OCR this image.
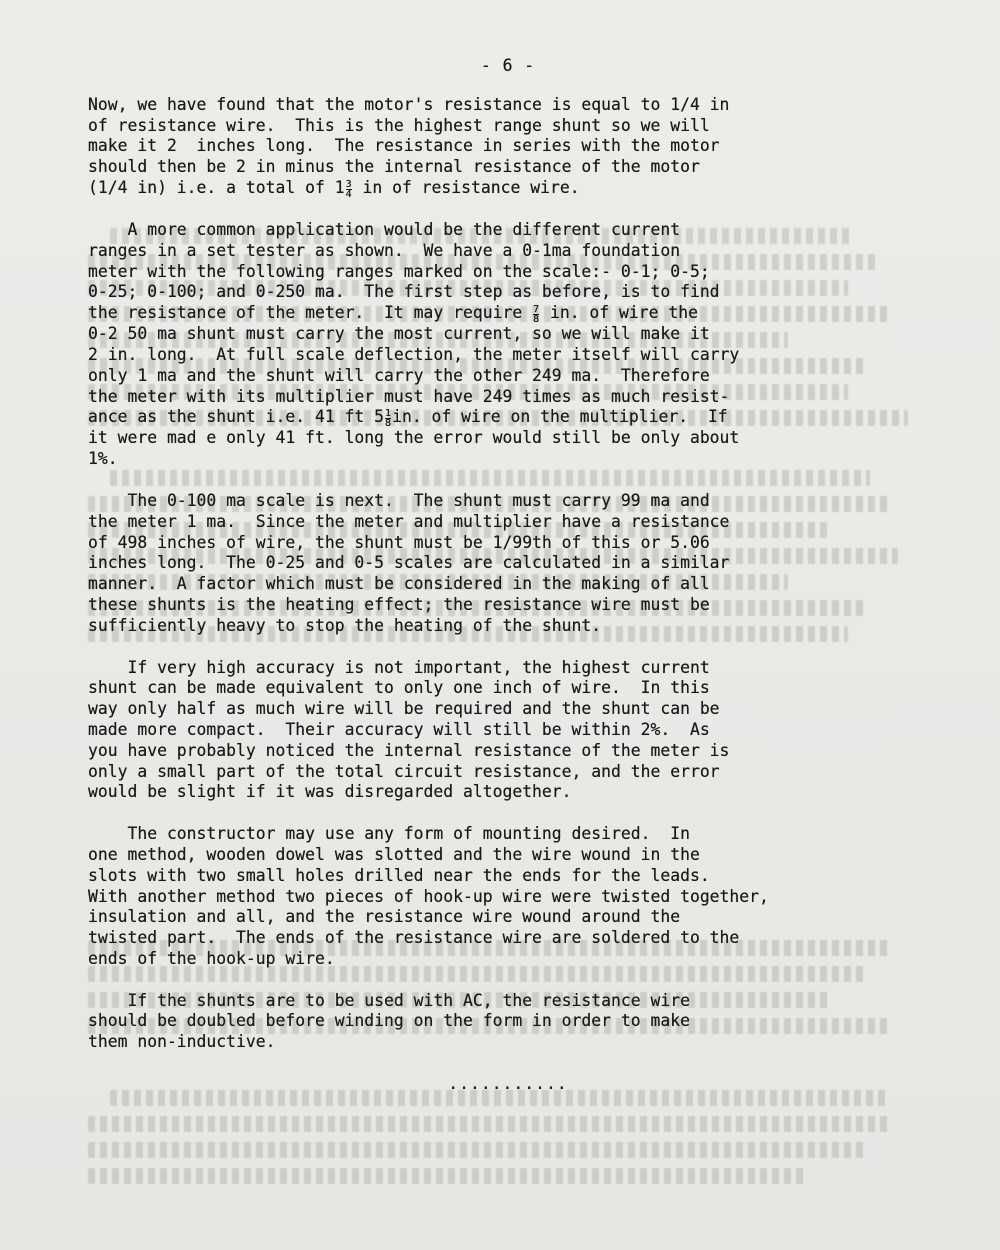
- 6 -
Now, we have found that the motor's resistance is equal to 1/4 in
of resistance wire.  This is the highest range shunt so we will
make it 2  inches long.  The resistance in series with the motor
should then be 2 in minus the internal resistance of the motor
(1/4 in) i.e. a total of $1 \frac{3}{4}$ in of resistance wire.
A more common application would be the different current
ranges in a set tester as shown.  We have a 0-1ma foundation
meter with the following ranges marked on the scale:- 0-1; 0-5;
0-25; 0-100; and 0-250 ma.  The first step as before, is to find
the resistance of the meter.  It may require $\frac{7}{8}$ in. of wire the
0-2 50 ma shunt must carry the most current, so we will make it
2 in. long.  At full scale deflection, the meter itself will carry
only 1 ma and the shunt will carry the other 249 ma.  Therefore
the meter with its multiplier must have 249 times as much resist-
ance as the shunt i.e. 41 ft $5 \frac{1}{8}$ in. of wire on the multiplier.  If
it were mad e only 41 ft. long the error would still be only about
1%.
The 0-100 ma scale is next.  The shunt must carry 99 ma and
the meter 1 ma.  Since the meter and multiplier have a resistance
of 498 inches of wire, the shunt must be 1/99th of this or 5.06
inches long.  The 0-25 and 0-5 scales are calculated in a similar
manner.  A factor which must be considered in the making of all
these shunts is the heating effect; the resistance wire must be
sufficiently heavy to stop the heating of the shunt.
If very high accuracy is not important, the highest current
shunt can be made equivalent to only one inch of wire.  In this
way only half as much wire will be required and the shunt can be
made more compact.  Their accuracy will still be within 2%.  As
you have probably noticed the internal resistance of the meter is
only a small part of the total circuit resistance, and the error
would be slight if it was disregarded altogether.
The constructor may use any form of mounting desired.  In
one method, wooden dowel was slotted and the wire wound in the
slots with two small holes drilled near the ends for the leads.
With another method two pieces of hook-up wire were twisted together,
insulation and all, and the resistance wire wound around the
twisted part.  The ends of the resistance wire are soldered to the
ends of the hook-up wire.
If the shunts are to be used with AC, the resistance wire
should be doubled before winding on the form in order to make
them non-inductive.
...........
